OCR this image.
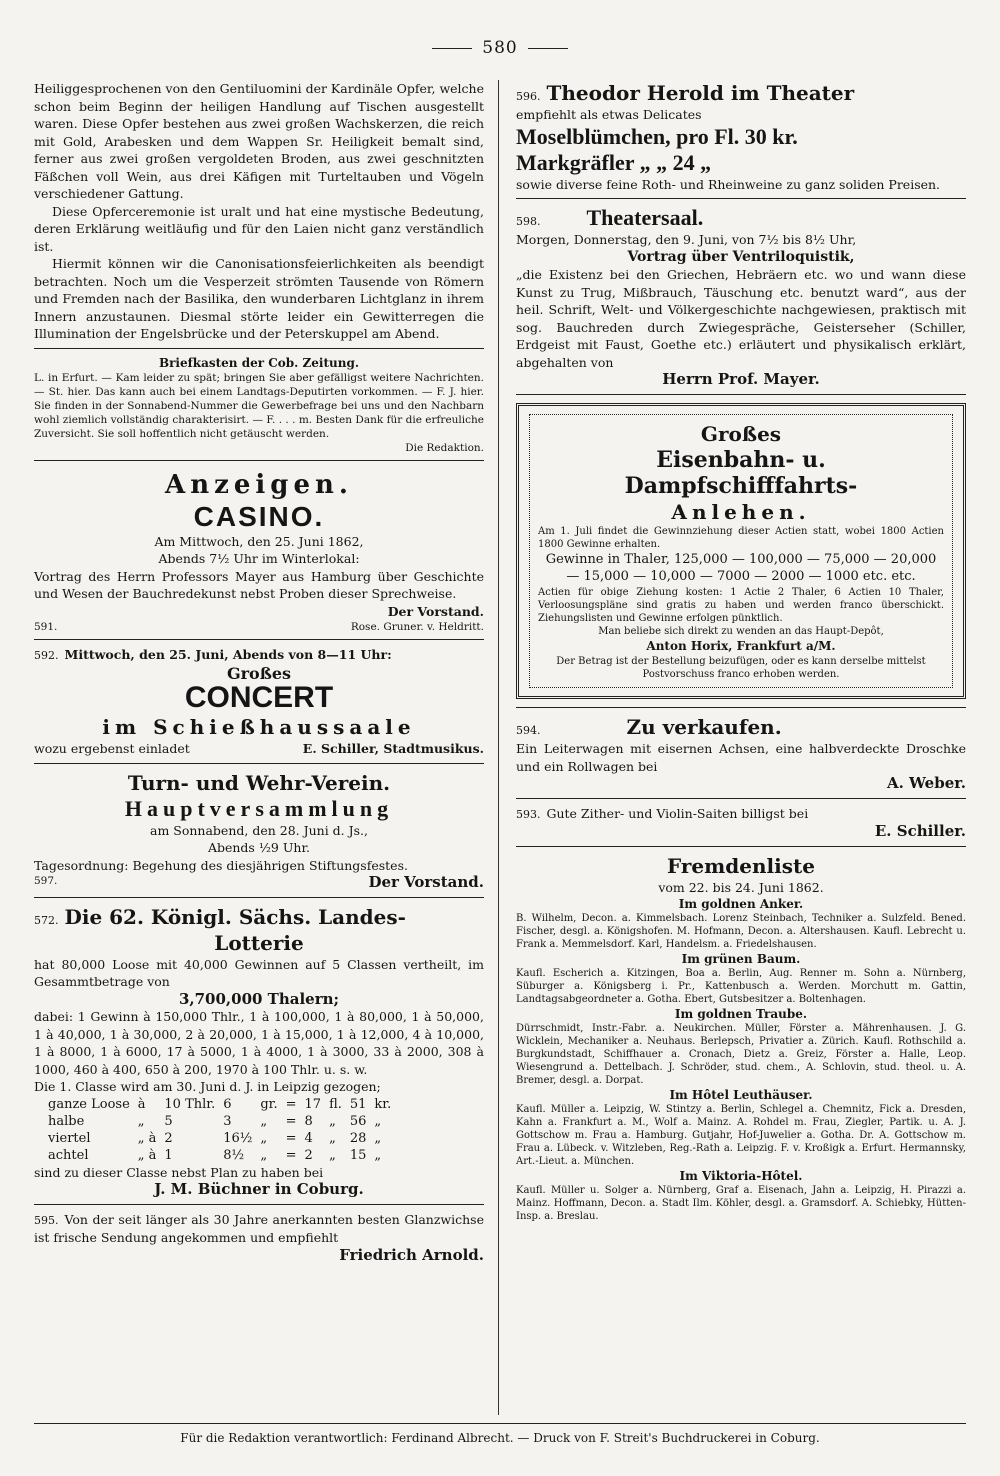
580

Heiliggesprochenen von den Gentiluomini der Kardinäle Opfer, welche schon beim Beginn der heiligen Handlung auf Tischen ausgestellt waren. Diese Opfer bestehen aus zwei großen Wachskerzen, die reich mit Gold, Arabesken und dem Wappen Sr. Heiligkeit bemalt sind, ferner aus zwei großen vergoldeten Broden, aus zwei geschnitzten Fäßchen voll Wein, aus drei Käfigen mit Turteltauben und Vögeln verschiedener Gattung.

Diese Opferceremonie ist uralt und hat eine mystische Bedeutung, deren Erklärung weitläufig und für den Laien nicht ganz verständlich ist.

Hiermit können wir die Canonisationsfeierlichkeiten als beendigt betrachten. Noch um die Vesperzeit strömten Tausende von Römern und Fremden nach der Basilika, den wunderbaren Lichtglanz in ihrem Innern anzustaunen. Diesmal störte leider ein Gewitterregen die Illumination der Engelsbrücke und der Peterskuppel am Abend.

Briefkasten der Cob. Zeitung.

L. in Erfurt. — Kam leider zu spät; bringen Sie aber gefälligst weitere Nachrichten. — St. hier. Das kann auch bei einem Landtags-Deputirten vorkommen. — F. J. hier. Sie finden in der Sonnabend-Nummer die Gewerbefrage bei uns und den Nachbarn wohl ziemlich vollständig charakterisirt. — F. . . . m. Besten Dank für die erfreuliche Zuversicht. Sie soll hoffentlich nicht getäuscht werden.

Die Redaktion.
Anzeigen.
CASINO.
Am Mittwoch, den 25. Juni 1862,
Abends 7½ Uhr im Winterlokal:

Vortrag des Herrn Professors Mayer aus Hamburg über Geschichte und Wesen der Bauchredekunst nebst Proben dieser Sprechweise.

Der Vorstand.
591.	Rose. Gruner. v. Heldritt.
592. Mittwoch, den 25. Juni, Abends von 8—11 Uhr:
Großes
CONCERT
im Schießhaussaale
wozu ergebenst einladet	E. Schiller, Stadtmusikus.
Turn- und Wehr-Verein.
Hauptversammlung
am Sonnabend, den 28. Juni d. Js.,
Abends ½9 Uhr.

Tagesordnung: Begehung des diesjährigen Stiftungsfestes.

597.	Der Vorstand.
572. Die 62. Königl. Sächs. Landes-
Lotterie

hat 80,000 Loose mit 40,000 Gewinnen auf 5 Classen vertheilt, im Gesammtbetrage von

3,700,000 Thalern;

dabei: 1 Gewinn à 150,000 Thlr., 1 à 100,000, 1 à 80,000, 1 à 50,000, 1 à 40,000, 1 à 30,000, 2 à 20,000, 1 à 15,000, 1 à 12,000, 4 à 10,000, 1 à 8000, 1 à 6000, 17 à 5000, 1 à 4000, 1 à 3000, 33 à 2000, 308 à 1000, 460 à 400, 650 à 200, 1970 à 100 Thlr. u. s. w.

Die 1. Classe wird am 30. Juni d. J. in Leipzig gezogen;

ganze Loose	à	10 Thlr.	6	gr.	=	17	fl.	51	kr.
halbe	„	5	3	„	=	8	„	56	„
viertel	„ à	2	16½	„	=	4	„	28	„
achtel	„ à	1	8½	„	=	2	„	15	„

sind zu dieser Classe nebst Plan zu haben bei

J. M. Büchner in Coburg.

595. Von der seit länger als 30 Jahre anerkannten besten Glanzwichse ist frische Sendung angekommen und empfiehlt

Friedrich Arnold.
596. Theodor Herold im Theater
empfiehlt als etwas Delicates
Moselblümchen, pro Fl. 30 kr.
Markgräfler „ „ 24 „

sowie diverse feine Roth- und Rheinweine zu ganz soliden Preisen.

598. Theatersaal.
Morgen, Donnerstag, den 9. Juni, von 7½ bis 8½ Uhr,
Vortrag über Ventriloquistik,

„die Existenz bei den Griechen, Hebräern etc. wo und wann diese Kunst zu Trug, Mißbrauch, Täuschung etc. benutzt ward“, aus der heil. Schrift, Welt- und Völkergeschichte nachgewiesen, praktisch mit sog. Bauchreden durch Zwiegespräche, Geisterseher (Schiller, Erdgeist mit Faust, Goethe etc.) erläutert und physikalisch erklärt, abgehalten von

Herrn Prof. Mayer.
Großes
Eisenbahn- u. Dampfschifffahrts-
Anlehen.

Am 1. Juli findet die Gewinnziehung dieser Actien statt, wobei 1800 Actien 1800 Gewinne erhalten.

Gewinne in Thaler, 125,000 — 100,000 — 75,000 — 20,000 — 15,000 — 10,000 — 7000 — 2000 — 1000 etc. etc.

Actien für obige Ziehung kosten: 1 Actie 2 Thaler, 6 Actien 10 Thaler, Verloosungspläne sind gratis zu haben und werden franco überschickt. Ziehungslisten und Gewinne erfolgen pünktlich.

Man beliebe sich direkt zu wenden an das Haupt-Depôt,

Anton Horix, Frankfurt a/M.

Der Betrag ist der Bestellung beizufügen, oder es kann derselbe mittelst Postvorschuss franco erhoben werden.

594.	Zu verkaufen.

Ein Leiterwagen mit eisernen Achsen, eine halbverdeckte Droschke und ein Rollwagen bei

A. Weber.

593. Gute Zither- und Violin-Saiten billigst bei

E. Schiller.
Fremdenliste
vom 22. bis 24. Juni 1862.
Im goldnen Anker.

B. Wilhelm, Decon. a. Kimmelsbach. Lorenz Steinbach, Techniker a. Sulzfeld. Bened. Fischer, desgl. a. Königshofen. M. Hofmann, Decon. a. Altershausen. Kaufl. Lebrecht u. Frank a. Memmelsdorf. Karl, Handelsm. a. Friedelshausen.

Im grünen Baum.

Kaufl. Escherich a. Kitzingen, Boa a. Berlin, Aug. Renner m. Sohn a. Nürnberg, Süburger a. Königsberg i. Pr., Kattenbusch a. Werden. Morchutt m. Gattin, Landtagsabgeordneter a. Gotha. Ebert, Gutsbesitzer a. Boltenhagen.

Im goldnen Traube.

Dürrschmidt, Instr.-Fabr. a. Neukirchen. Müller, Förster a. Mährenhausen. J. G. Wicklein, Mechaniker a. Neuhaus. Berlepsch, Privatier a. Zürich. Kaufl. Rothschild a. Burgkundstadt, Schiffhauer a. Cronach, Dietz a. Greiz, Förster a. Halle, Leop. Wiesengrund a. Dettelbach. J. Schröder, stud. chem., A. Schlovin, stud. theol. u. A. Bremer, desgl. a. Dorpat.

Im Hôtel Leuthäuser.

Kaufl. Müller a. Leipzig, W. Stintzy a. Berlin, Schlegel a. Chemnitz, Fick a. Dresden, Kahn a. Frankfurt a. M., Wolf a. Mainz. A. Rohdel m. Frau, Ziegler, Partik. u. A. J. Gottschow m. Frau a. Hamburg. Gutjahr, Hof-Juwelier a. Gotha. Dr. A. Gottschow m. Frau a. Lübeck. v. Witzleben, Reg.-Rath a. Leipzig. F. v. Kroßigk a. Erfurt. Hermannsky, Art.-Lieut. a. München.

Im Viktoria-Hôtel.

Kaufl. Müller u. Solger a. Nürnberg, Graf a. Eisenach, Jahn a. Leipzig, H. Pirazzi a. Mainz. Hoffmann, Decon. a. Stadt Ilm. Köhler, desgl. a. Gramsdorf. A. Schiebky, Hütten-Insp. a. Breslau.

Für die Redaktion verantwortlich: Ferdinand Albrecht. — Druck von F. Streit's Buchdruckerei in Coburg.
